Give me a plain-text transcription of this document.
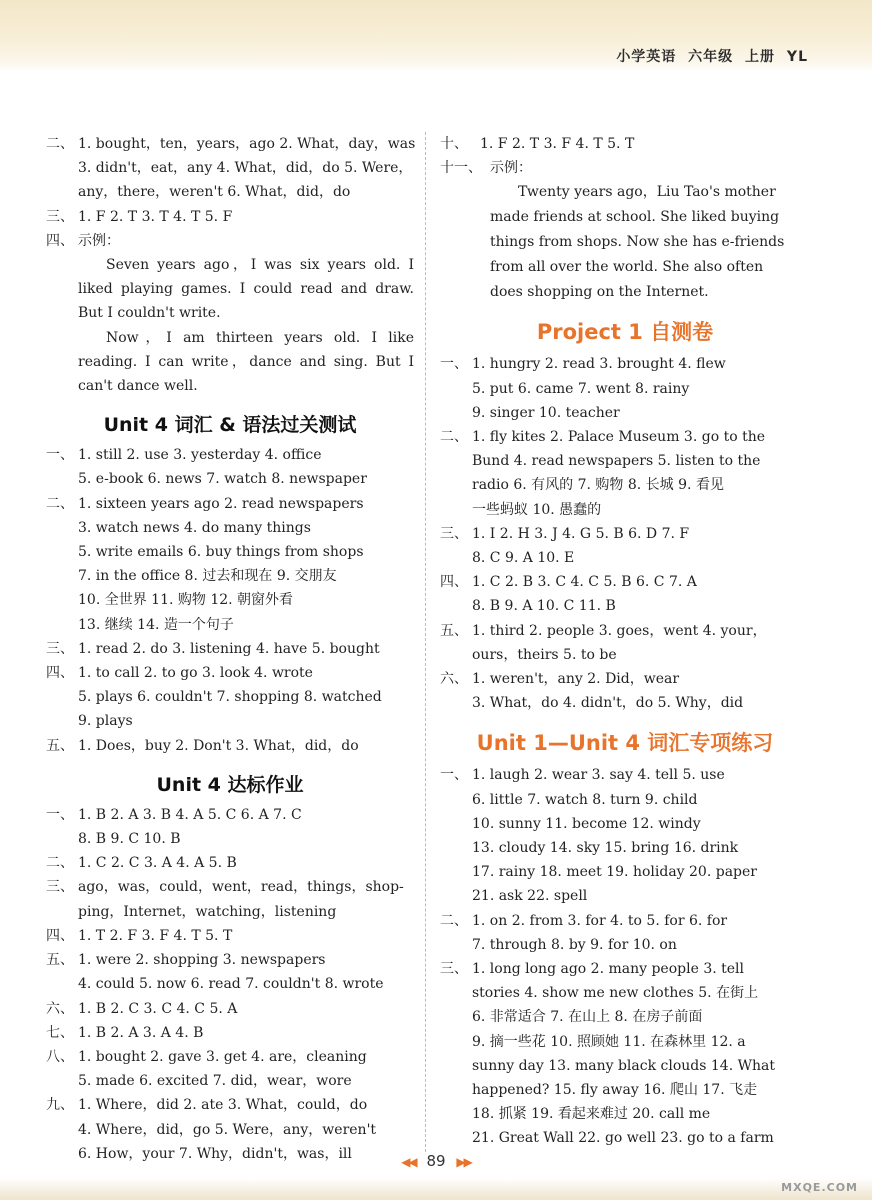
小学英语 六年级 上册 YL
二、 1. bought，ten，years，ago 2. What，day，was
3. didn't，eat，any 4. What，did，do 5. Were，
any，there，weren't 6. What，did，do
三、 1. F 2. T 3. T 4. T 5. F
四、 示例：
Seven years ago，I was six years old. I liked playing games. I could read and draw. But I couldn't write.
Now，I am thirteen years old. I like reading. I can write，dance and sing. But I can't dance well.
Unit 4 词汇 & 语法过关测试
一、 1. still 2. use 3. yesterday 4. office
5. e-book 6. news 7. watch 8. newspaper
二、 1. sixteen years ago 2. read newspapers
3. watch news 4. do many things
5. write emails 6. buy things from shops
7. in the office 8. 过去和现在 9. 交朋友
10. 全世界 11. 购物 12. 朝窗外看
13. 继续 14. 造一个句子
三、 1. read 2. do 3. listening 4. have 5. bought
四、 1. to call 2. to go 3. look 4. wrote
5. plays 6. couldn't 7. shopping 8. watched
9. plays
五、 1. Does，buy 2. Don't 3. What，did，do
Unit 4 达标作业
一、 1. B 2. A 3. B 4. A 5. C 6. A 7. C
8. B 9. C 10. B
二、 1. C 2. C 3. A 4. A 5. B
三、 ago，was，could，went，read，things，shop-
ping，Internet，watching，listening
四、 1. T 2. F 3. F 4. T 5. T
五、 1. were 2. shopping 3. newspapers
4. could 5. now 6. read 7. couldn't 8. wrote
六、 1. B 2. C 3. C 4. C 5. A
七、 1. B 2. A 3. A 4. B
八、 1. bought 2. gave 3. get 4. are，cleaning
5. made 6. excited 7. did，wear，wore
九、 1. Where，did 2. ate 3. What，could，do
4. Where，did，go 5. Were，any，weren't
6. How，your 7. Why，didn't，was，ill
十、 1. F 2. T 3. F 4. T 5. T
十一、 示例：
Twenty years ago，Liu Tao's mother
made friends at school. She liked buying
things from shops. Now she has e-friends
from all over the world. She also often
does shopping on the Internet.
Project 1 自测卷
一、 1. hungry 2. read 3. brought 4. flew
5. put 6. came 7. went 8. rainy
9. singer 10. teacher
二、 1. fly kites 2. Palace Museum 3. go to the
Bund 4. read newspapers 5. listen to the
radio 6. 有风的 7. 购物 8. 长城 9. 看见
一些蚂蚁 10. 愚蠢的
三、 1. I 2. H 3. J 4. G 5. B 6. D 7. F
8. C 9. A 10. E
四、 1. C 2. B 3. C 4. C 5. B 6. C 7. A
8. B 9. A 10. C 11. B
五、 1. third 2. people 3. goes，went 4. your，
ours，theirs 5. to be
六、 1. weren't，any 2. Did，wear
3. What，do 4. didn't，do 5. Why，did
Unit 1—Unit 4 词汇专项练习
一、 1. laugh 2. wear 3. say 4. tell 5. use
6. little 7. watch 8. turn 9. child
10. sunny 11. become 12. windy
13. cloudy 14. sky 15. bring 16. drink
17. rainy 18. meet 19. holiday 20. paper
21. ask 22. spell
二、 1. on 2. from 3. for 4. to 5. for 6. for
7. through 8. by 9. for 10. on
三、 1. long long ago 2. many people 3. tell
stories 4. show me new clothes 5. 在街上
6. 非常适合 7. 在山上 8. 在房子前面
9. 摘一些花 10. 照顾她 11. 在森林里 12. a
sunny day 13. many black clouds 14. What
happened? 15. fly away 16. 爬山 17. 飞走
18. 抓紧 19. 看起来难过 20. call me
21. Great Wall 22. go well 23. go to a farm
◀◀ 89 ▶▶
MXQE.COM
